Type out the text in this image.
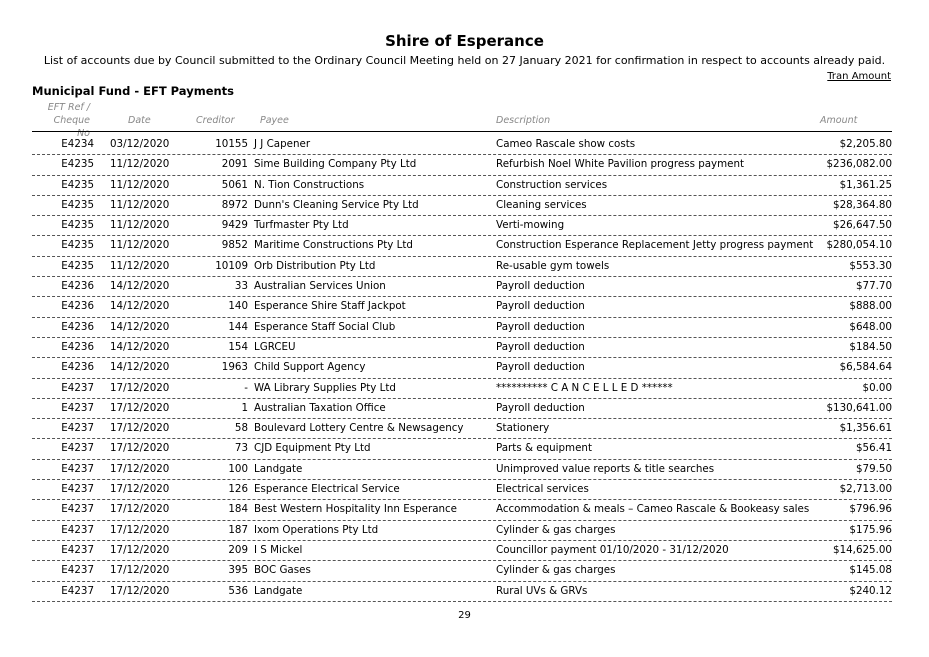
Shire of Esperance
List of accounts due by Council submitted to the Ordinary Council Meeting held on 27 January 2021 for confirmation in respect to accounts already paid.
Tran Amount
Municipal Fund - EFT Payments
EFT Ref /
Cheque No
Date	Creditor	Payee	Description	Amount
E4234 03/12/2020	10155 J J Capener	Cameo Rascale show costs	$2,205.80
E4235 11/12/2020	2091 Sime Building Company Pty Ltd	Refurbish Noel White Pavilion progress payment	$236,082.00
E4235 11/12/2020	5061 N. Tion Constructions	Construction services	$1,361.25
E4235 11/12/2020	8972 Dunn's Cleaning Service Pty Ltd	Cleaning services	$28,364.80
E4235 11/12/2020	9429 Turfmaster Pty Ltd	Verti-mowing	$26,647.50
E4235 11/12/2020	9852 Maritime Constructions Pty Ltd	Construction Esperance Replacement Jetty progress payment	$280,054.10
E4235 11/12/2020	10109 Orb Distribution Pty Ltd	Re-usable gym towels	$553.30
E4236 14/12/2020	33 Australian Services Union	Payroll deduction	$77.70
E4236 14/12/2020	140 Esperance Shire Staff Jackpot	Payroll deduction	$888.00
E4236 14/12/2020	144 Esperance Staff Social Club	Payroll deduction	$648.00
E4236 14/12/2020	154 LGRCEU	Payroll deduction	$184.50
E4236 14/12/2020	1963 Child Support Agency	Payroll deduction	$6,584.64
E4237 17/12/2020	- WA Library Supplies Pty Ltd	********** C A N C E L L E D ******	$0.00
E4237 17/12/2020	1 Australian Taxation Office	Payroll deduction	$130,641.00
E4237 17/12/2020	58 Boulevard Lottery Centre & Newsagency	Stationery	$1,356.61
E4237 17/12/2020	73 CJD Equipment Pty Ltd	Parts & equipment	$56.41
E4237 17/12/2020	100 Landgate	Unimproved value reports & title searches	$79.50
E4237 17/12/2020	126 Esperance Electrical Service	Electrical services	$2,713.00
E4237 17/12/2020	184 Best Western Hospitality Inn Esperance	Accommodation & meals – Cameo Rascale & Bookeasy sales	$796.96
E4237 17/12/2020	187 Ixom Operations Pty Ltd	Cylinder & gas charges	$175.96
E4237 17/12/2020	209 I S Mickel	Councillor payment 01/10/2020 - 31/12/2020	$14,625.00
E4237 17/12/2020	395 BOC Gases	Cylinder & gas charges	$145.08
E4237 17/12/2020	536 Landgate	Rural UVs & GRVs	$240.12
29
